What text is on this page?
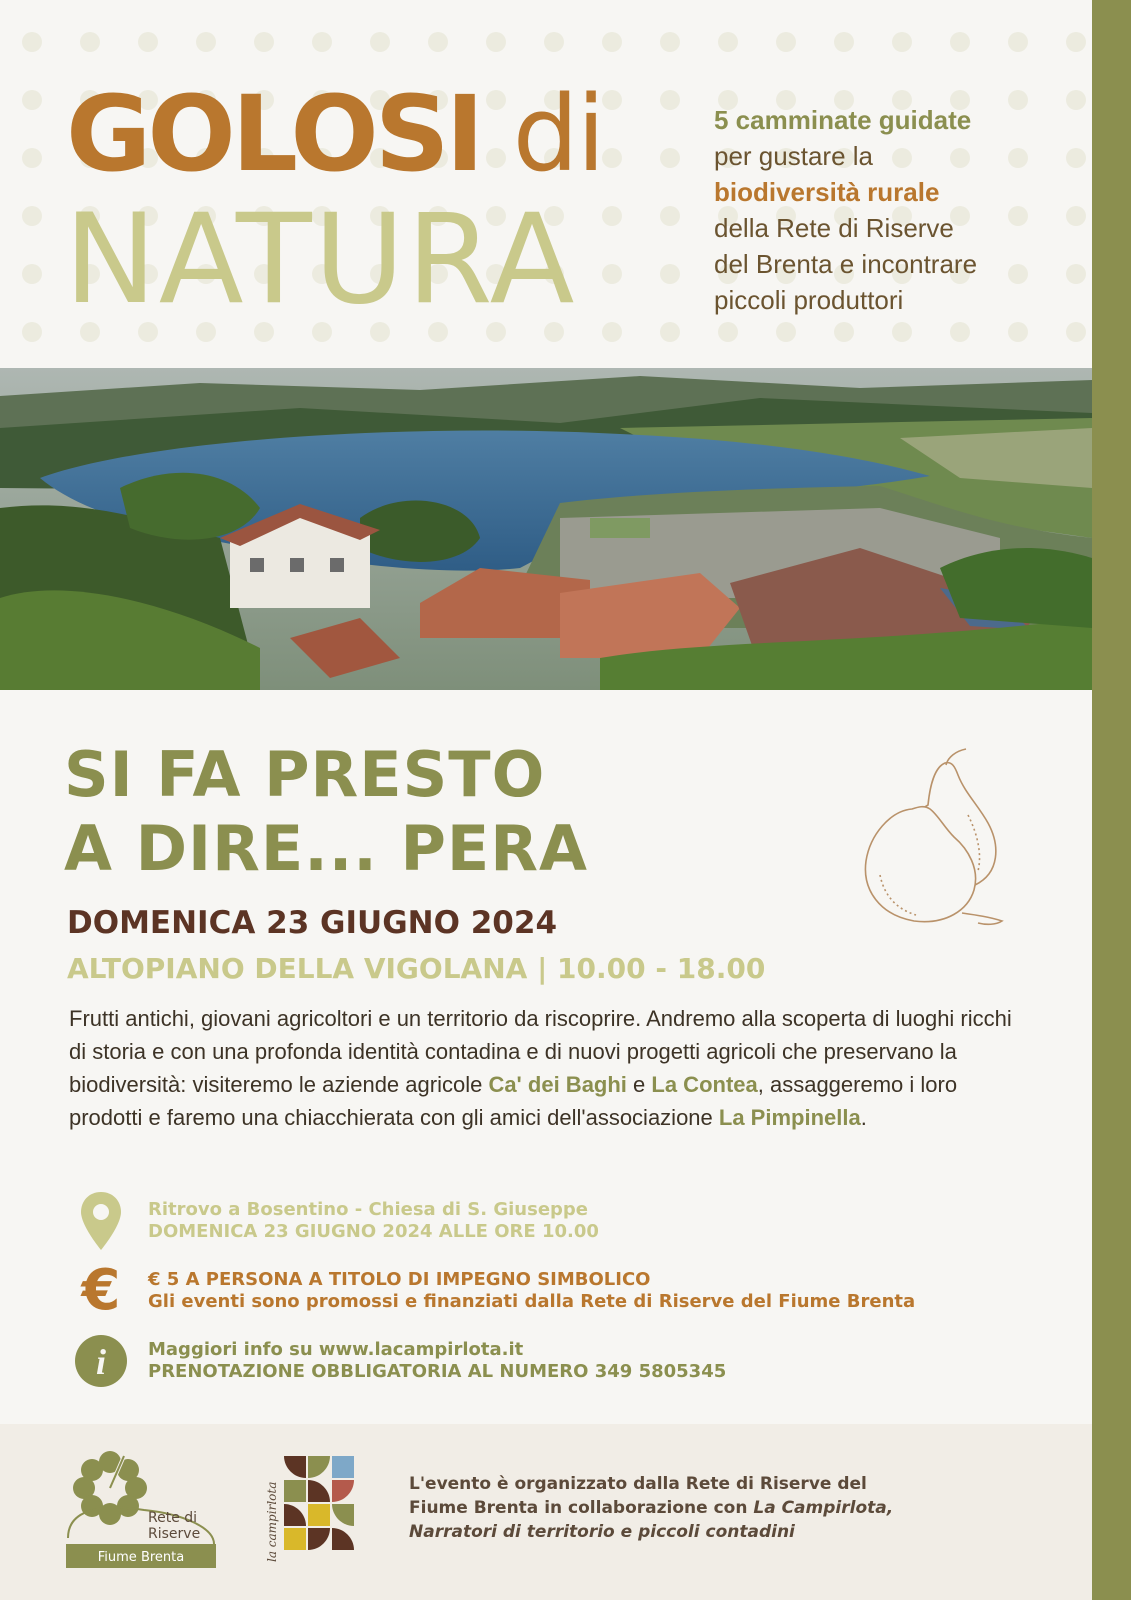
GOLOSI di
NATURA
5 camminate guidate
per gustare la
biodiversità rurale
della Rete di Riserve
del Brenta e incontrare
piccoli produttori
SI FA PRESTO
A DIRE... PERA
DOMENICA 23 GIUGNO 2024
ALTOPIANO DELLA VIGOLANA | 10.00 - 18.00
Frutti antichi, giovani agricoltori e un territorio da riscoprire. Andremo alla scoperta di luoghi ricchi di storia e con una profonda identità contadina e di nuovi progetti agricoli che preservano la biodiversità: visiteremo le aziende agricole Ca' dei Baghi e La Contea, assaggeremo i loro prodotti e faremo una chiacchierata con gli amici dell'associazione La Pimpinella.
Ritrovo a Bosentino - Chiesa di S. Giuseppe
DOMENICA 23 GIUGNO 2024 ALLE ORE 10.00
€ € 5 A PERSONA A TITOLO DI IMPEGNO SIMBOLICO
Gli eventi sono promossi e finanziati dalla Rete di Riserve del Fiume Brenta
i Maggiori info su www.lacampirlota.it
PRENOTAZIONE OBBLIGATORIA AL NUMERO 349 5805345
Rete di
Riserve
Fiume Brenta	la campirlota	L'evento è organizzato dalla Rete di Riserve del
Fiume Brenta in collaborazione con La Campirlota,
Narratori di territorio e piccoli contadini
